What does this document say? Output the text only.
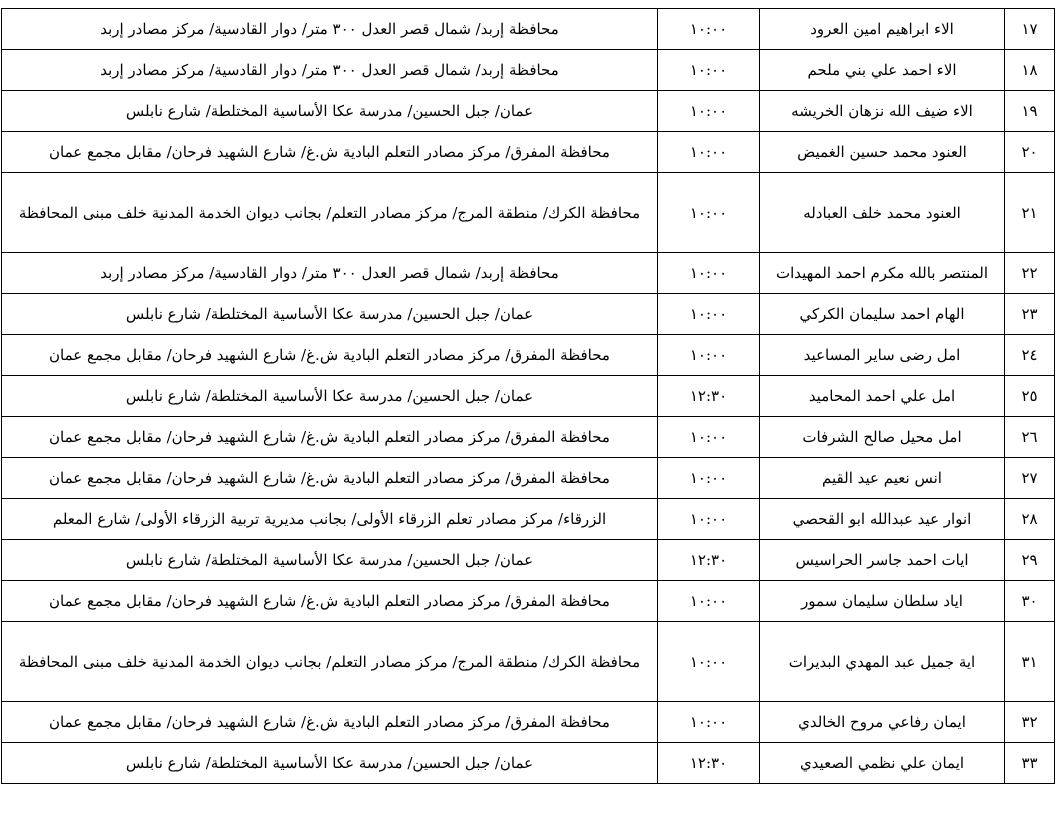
١٧	الاء ابراهيم امين العرود	١٠:٠٠	محافظة إربد/ شمال قصر العدل ٣٠٠ متر/ دوار القادسية/ مركز مصادر إربد
١٨	الاء احمد علي بني ملحم	١٠:٠٠	محافظة إربد/ شمال قصر العدل ٣٠٠ متر/ دوار القادسية/ مركز مصادر إربد
١٩	الاء ضيف الله نزهان الخريشه	١٠:٠٠	عمان/ جبل الحسين/ مدرسة عكا الأساسية المختلطة/ شارع نابلس
٢٠	العنود محمد حسين الغميض	١٠:٠٠	محافظة المفرق/ مركز مصادر التعلم البادية ش.غ/ شارع الشهيد فرحان/ مقابل مجمع عمان
٢١	العنود محمد خلف العبادله	١٠:٠٠	محافظة الكرك/ منطقة المرج/ مركز مصادر التعلم/ بجانب ديوان الخدمة المدنية خلف مبنى المحافظة
٢٢	المنتصر بالله مكرم احمد المهيدات	١٠:٠٠	محافظة إربد/ شمال قصر العدل ٣٠٠ متر/ دوار القادسية/ مركز مصادر إربد
٢٣	الهام احمد سليمان الكركي	١٠:٠٠	عمان/ جبل الحسين/ مدرسة عكا الأساسية المختلطة/ شارع نابلس
٢٤	امل رضى ساير المساعيد	١٠:٠٠	محافظة المفرق/ مركز مصادر التعلم البادية ش.غ/ شارع الشهيد فرحان/ مقابل مجمع عمان
٢٥	امل علي احمد المحاميد	١٢:٣٠	عمان/ جبل الحسين/ مدرسة عكا الأساسية المختلطة/ شارع نابلس
٢٦	امل محيل صالح الشرفات	١٠:٠٠	محافظة المفرق/ مركز مصادر التعلم البادية ش.غ/ شارع الشهيد فرحان/ مقابل مجمع عمان
٢٧	انس نعيم عيد القيم	١٠:٠٠	محافظة المفرق/ مركز مصادر التعلم البادية ش.غ/ شارع الشهيد فرحان/ مقابل مجمع عمان
٢٨	انوار عيد عبدالله ابو القحصي	١٠:٠٠	الزرقاء/ مركز مصادر تعلم الزرقاء الأولى/ بجانب مديرية تربية الزرقاء الأولى/ شارع المعلم
٢٩	ايات احمد جاسر الحراسيس	١٢:٣٠	عمان/ جبل الحسين/ مدرسة عكا الأساسية المختلطة/ شارع نابلس
٣٠	اياد سلطان سليمان سمور	١٠:٠٠	محافظة المفرق/ مركز مصادر التعلم البادية ش.غ/ شارع الشهيد فرحان/ مقابل مجمع عمان
٣١	اية جميل عبد المهدي البديرات	١٠:٠٠	محافظة الكرك/ منطقة المرج/ مركز مصادر التعلم/ بجانب ديوان الخدمة المدنية خلف مبنى المحافظة
٣٢	ايمان رفاعي مروح الخالدي	١٠:٠٠	محافظة المفرق/ مركز مصادر التعلم البادية ش.غ/ شارع الشهيد فرحان/ مقابل مجمع عمان
٣٣	ايمان علي نظمي الصعيدي	١٢:٣٠	عمان/ جبل الحسين/ مدرسة عكا الأساسية المختلطة/ شارع نابلس
